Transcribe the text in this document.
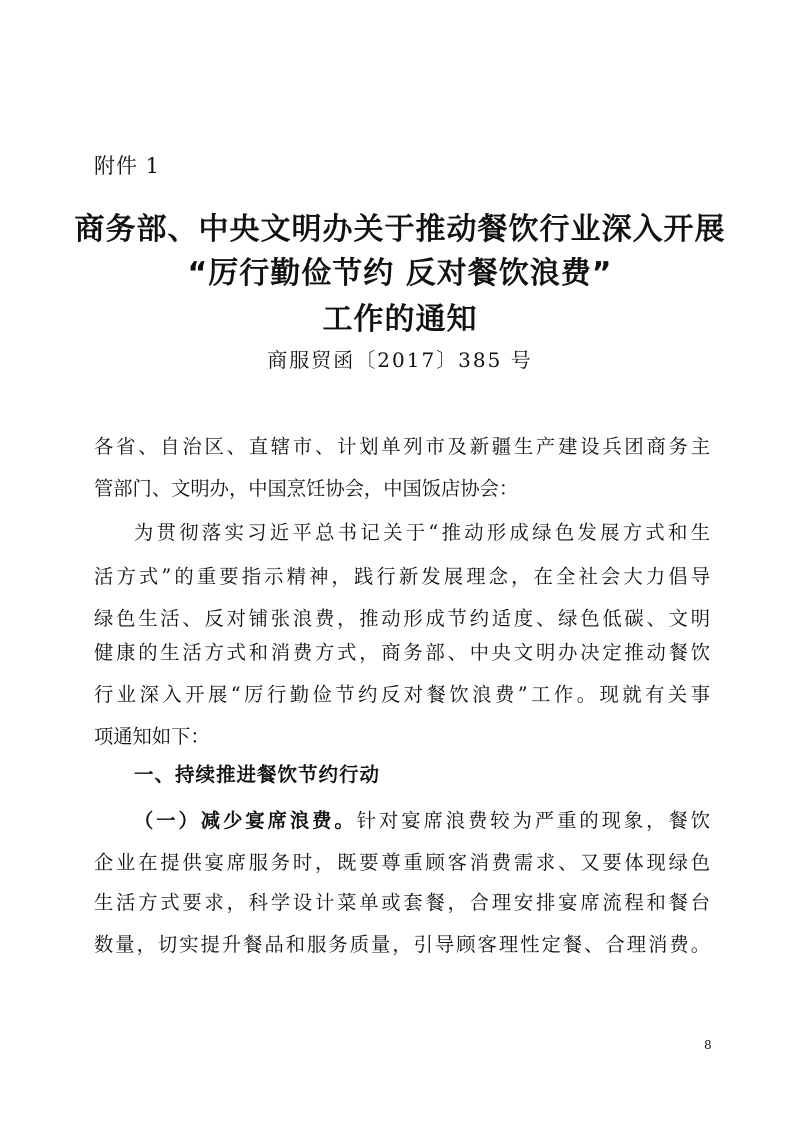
附件 1
商务部、中央文明办关于推动餐饮行业深入开展
“厉行勤俭节约 反对餐饮浪费”
工作的通知
商服贸函〔2017〕385 号
各省、自治区、直辖市、计划单列市及新疆生产建设兵团商务主
管部门、文明办，中国烹饪协会，中国饭店协会：
为贯彻落实习近平总书记关于“推动形成绿色发展方式和生
活方式”的重要指示精神，践行新发展理念，在全社会大力倡导
绿色生活、反对铺张浪费，推动形成节约适度、绿色低碳、文明
健康的生活方式和消费方式，商务部、中央文明办决定推动餐饮
行业深入开展“厉行勤俭节约反对餐饮浪费”工作。现就有关事
项通知如下：
一、持续推进餐饮节约行动
（一）减少宴席浪费。针对宴席浪费较为严重的现象，餐饮
企业在提供宴席服务时，既要尊重顾客消费需求、又要体现绿色
生活方式要求，科学设计菜单或套餐，合理安排宴席流程和餐台
数量，切实提升餐品和服务质量，引导顾客理性定餐、合理消费。
8
